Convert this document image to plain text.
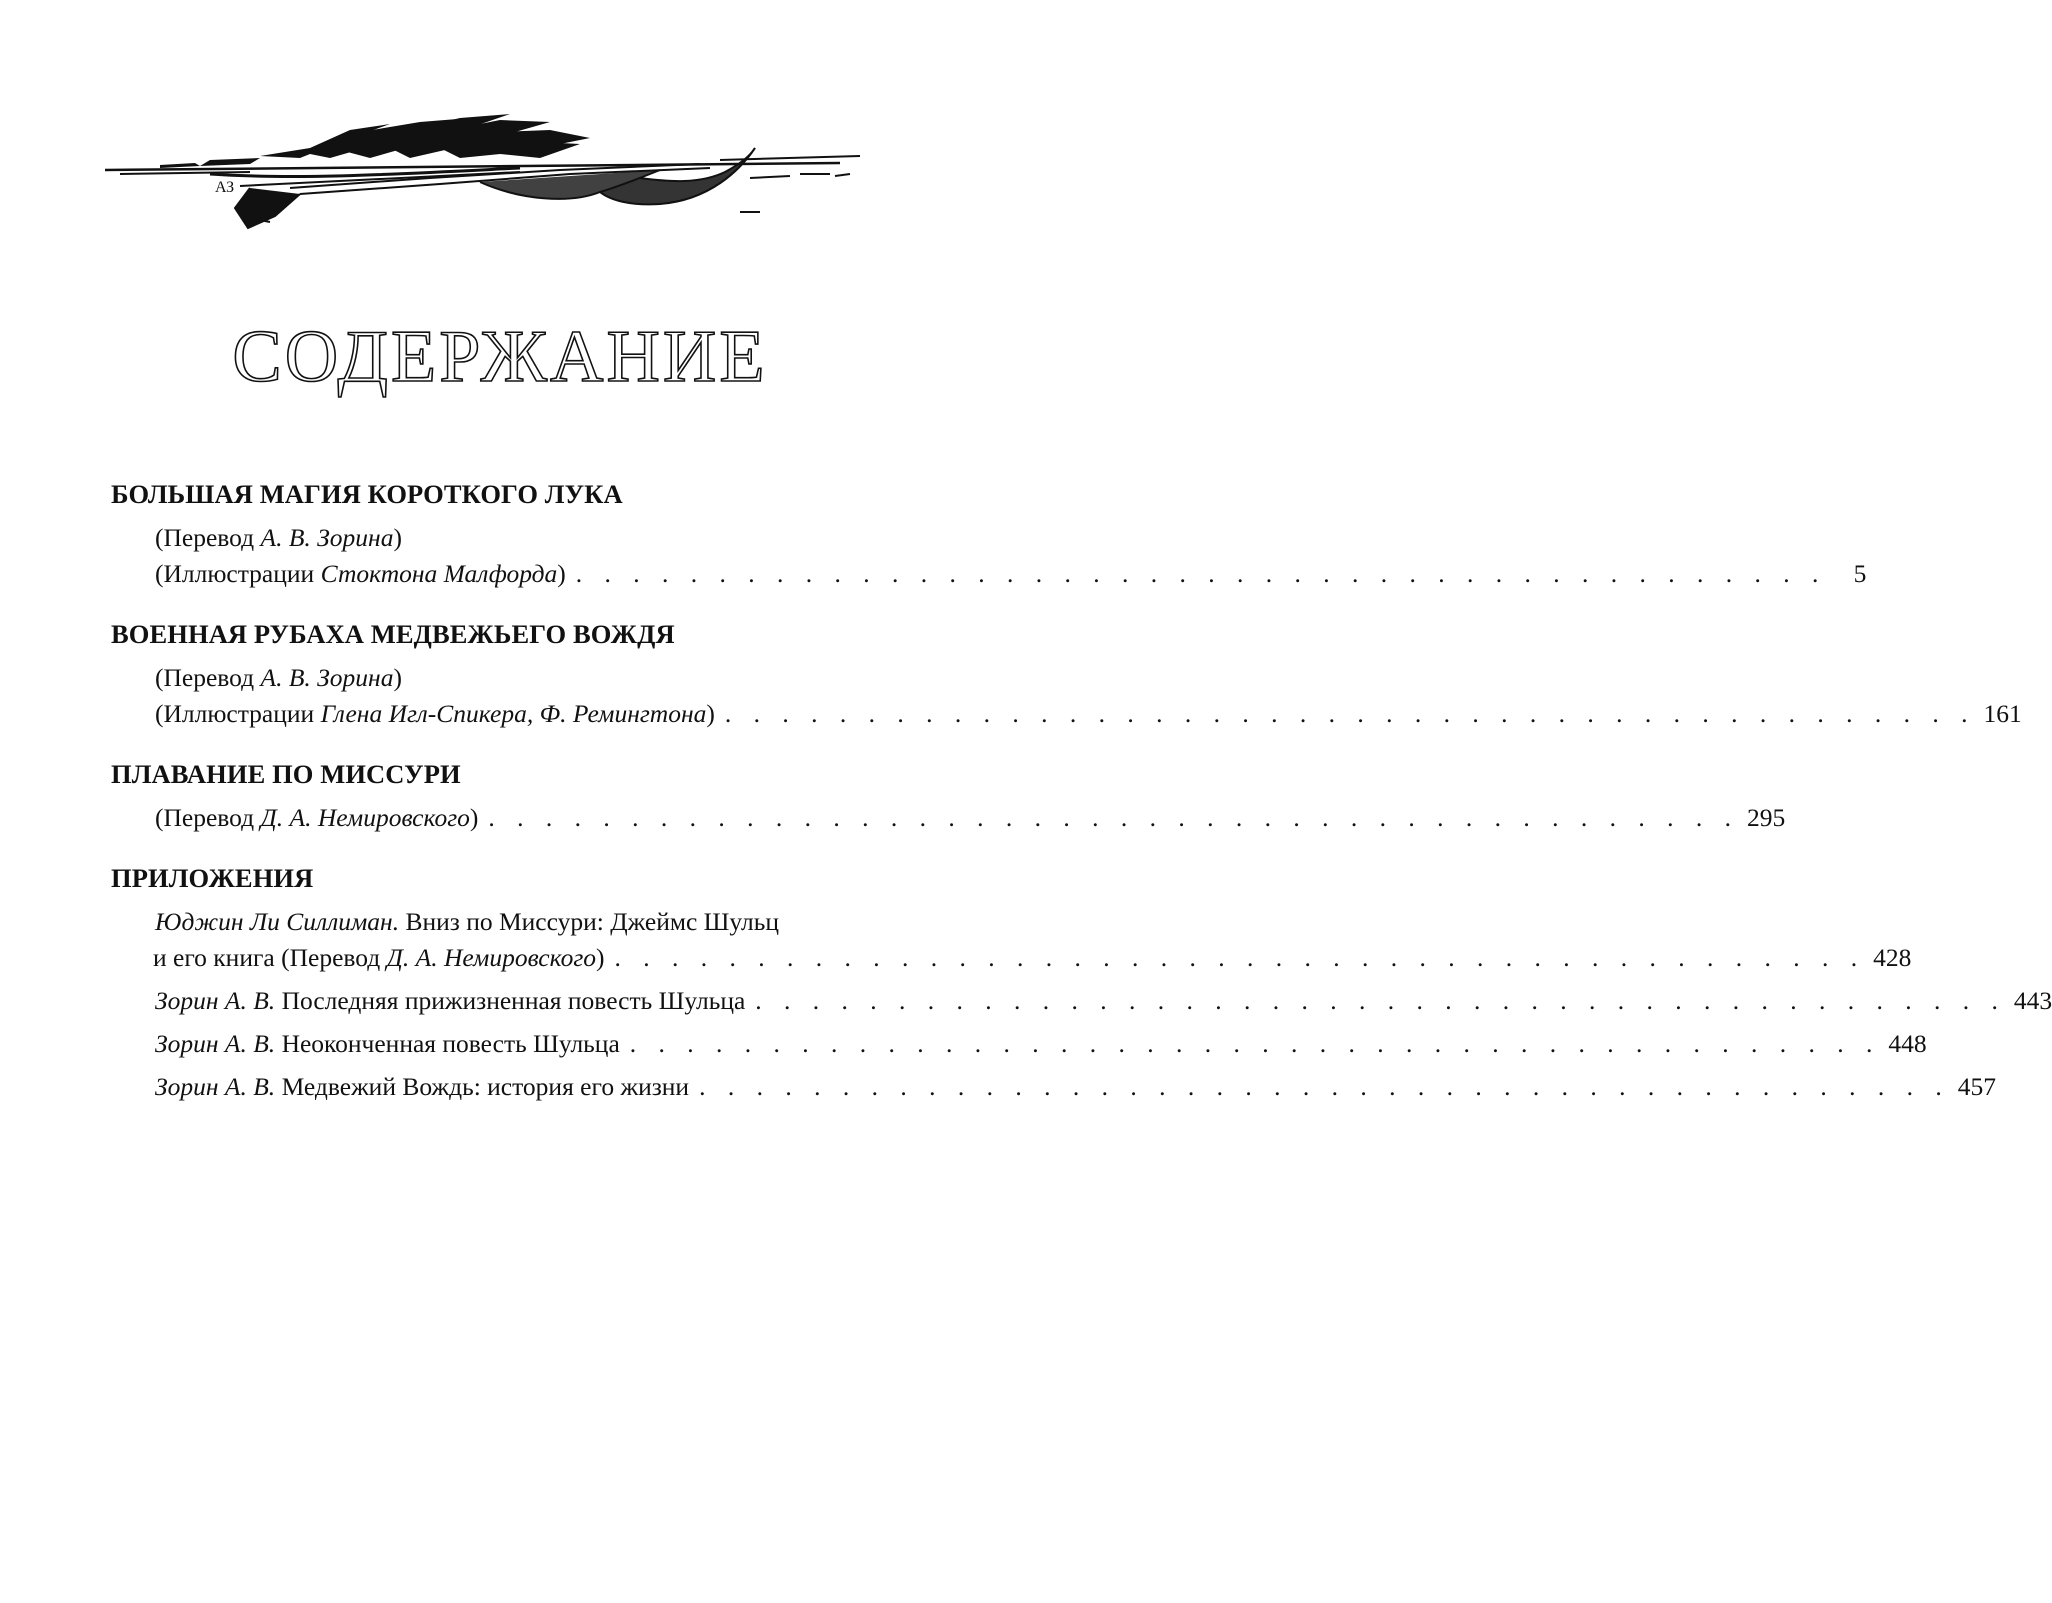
АЗ
СОДЕРЖАНИЕ
БОЛЬШАЯ МАГИЯ КОРОТКОГО ЛУКА
(Перевод А. В. Зорина)
(Иллюстрации Стоктона Малфорда) . . . . . . . . . . . . . . . . . . . . . . . . . . . . . . . . . . . . . . . . . . . .	5
ВОЕННАЯ РУБАХА МЕДВЕЖЬЕГО ВОЖДЯ
(Перевод А. В. Зорина)
(Иллюстрации Глена Игл-Спикера, Ф. Ремингтона) . . . . . . . . . . . . . . . . . . . . . . . . . . . . . . . . . . . . . . . . . . . . 161
ПЛАВАНИЕ ПО МИССУРИ
(Перевод Д. А. Немировского) . . . . . . . . . . . . . . . . . . . . . . . . . . . . . . . . . . . . . . . . . . . . 295
ПРИЛОЖЕНИЯ
Юджин Ли Силлиман. Вниз по Миссури: Джеймс Шульц
и его книга (Перевод Д. А. Немировского) . . . . . . . . . . . . . . . . . . . . . . . . . . . . . . . . . . . . . . . . . . . . 428
Зорин А. В. Последняя прижизненная повесть Шульца . . . . . . . . . . . . . . . . . . . . . . . . . . . . . . . . . . . . . . . . . . . . 443
Зорин А. В. Неоконченная повесть Шульца . . . . . . . . . . . . . . . . . . . . . . . . . . . . . . . . . . . . . . . . . . . . 448
Зорин А. В. Медвежий Вождь: история его жизни . . . . . . . . . . . . . . . . . . . . . . . . . . . . . . . . . . . . . . . . . . . . 457
